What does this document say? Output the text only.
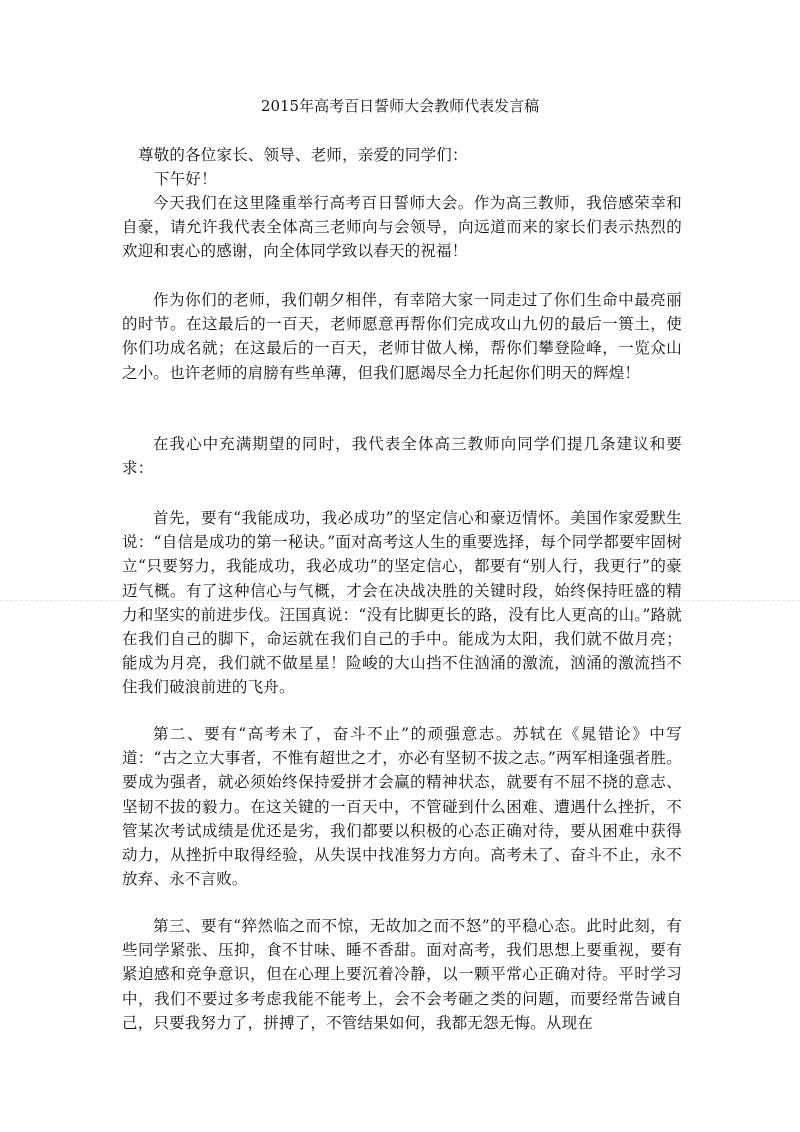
2015年高考百日誓师大会教师代表发言稿

尊敬的各位家长、领导、老师，亲爱的同学们：

下午好！

今天我们在这里隆重举行高考百日誓师大会。作为高三教师，我倍感荣幸和自豪，请允许我代表全体高三老师向与会领导，向远道而来的家长们表示热烈的欢迎和衷心的感谢，向全体同学致以春天的祝福！

作为你们的老师，我们朝夕相伴，有幸陪大家一同走过了你们生命中最亮丽的时节。在这最后的一百天，老师愿意再帮你们完成攻山九仞的最后一篑土，使你们功成名就；在这最后的一百天，老师甘做人梯，帮你们攀登险峰，一览众山之小。也许老师的肩膀有些单薄，但我们愿竭尽全力托起你们明天的辉煌！

在我心中充满期望的同时，我代表全体高三教师向同学们提几条建议和要求：

首先，要有“我能成功，我必成功”的坚定信心和豪迈情怀。美国作家爱默生说：“自信是成功的第一秘诀。”面对高考这人生的重要选择，每个同学都要牢固树立“只要努力，我能成功，我必成功”的坚定信心，都要有“别人行，我更行”的豪迈气概。有了这种信心与气概，才会在决战决胜的关键时段，始终保持旺盛的精力和坚实的前进步伐。汪国真说：“没有比脚更长的路，没有比人更高的山。”路就在我们自己的脚下，命运就在我们自己的手中。能成为太阳，我们就不做月亮；能成为月亮，我们就不做星星！险峻的大山挡不住汹涌的激流，汹涌的激流挡不住我们破浪前进的飞舟。

第二、要有“高考未了，奋斗不止”的顽强意志。苏轼在《晁错论》中写道：“古之立大事者，不惟有超世之才，亦必有坚韧不拔之志。”两军相逢强者胜。要成为强者，就必须始终保持爱拼才会赢的精神状态，就要有不屈不挠的意志、坚韧不拔的毅力。在这关键的一百天中，不管碰到什么困难、遭遇什么挫折，不管某次考试成绩是优还是劣，我们都要以积极的心态正确对待，要从困难中获得动力，从挫折中取得经验，从失误中找准努力方向。高考未了、奋斗不止，永不放弃、永不言败。

第三、要有“猝然临之而不惊，无故加之而不怒”的平稳心态。此时此刻，有些同学紧张、压抑，食不甘味、睡不香甜。面对高考，我们思想上要重视，要有紧迫感和竞争意识，但在心理上要沉着冷静，以一颗平常心正确对待。平时学习中，我们不要过多考虑我能不能考上，会不会考砸之类的问题，而要经常告诫自己，只要我努力了，拼搏了，不管结果如何，我都无怨无悔。从现在
